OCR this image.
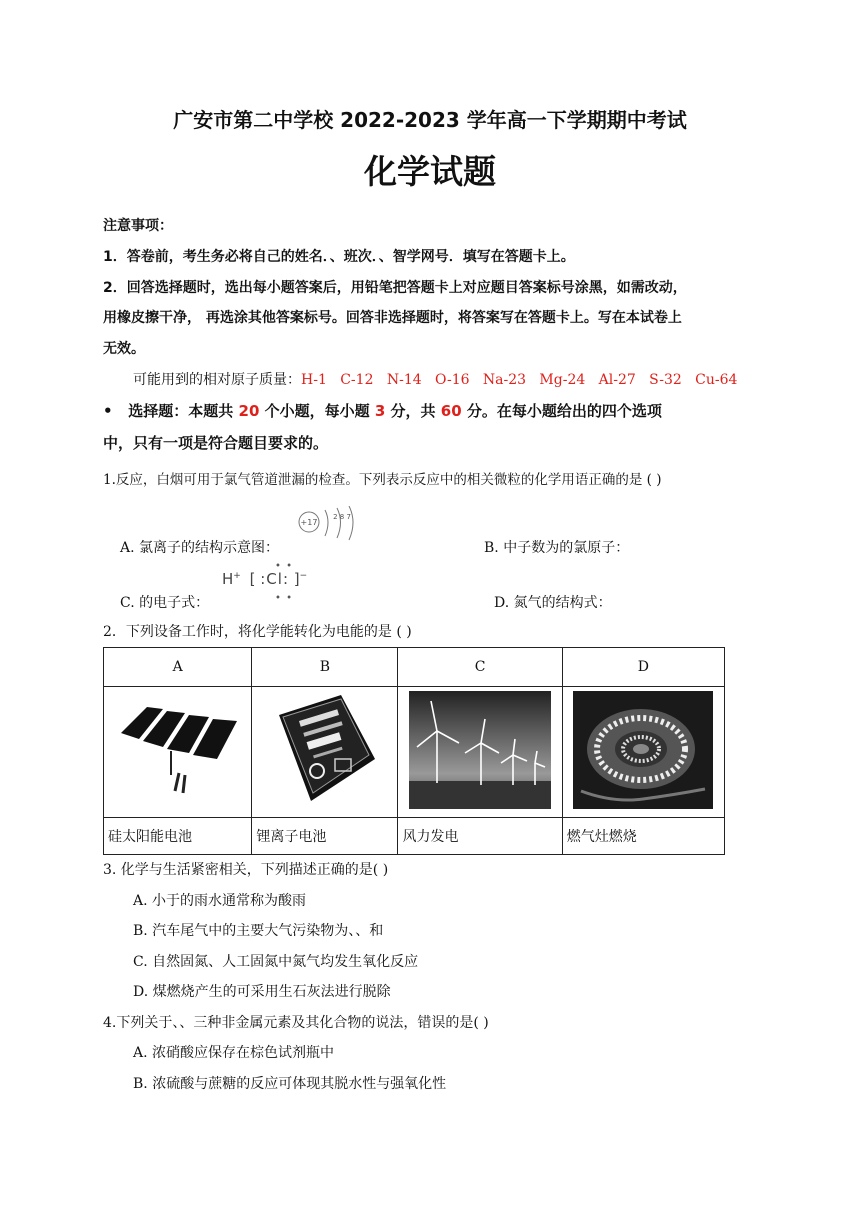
广安市第二中学校 2022-2023 学年高一下学期期中考试
化学试题
注意事项：
1．答卷前，考生务必将自己的姓名．、班次．、智学网号．填写在答题卡上。
2．回答选择题时，选出每小题答案后，用铅笔把答题卡上对应题目答案标号涂黑，如需改动，
用橡皮擦干净， 再选涂其他答案标号。回答非选择题时，将答案写在答题卡上。写在本试卷上
无效。
可能用到的相对原子质量：H-1 C-12 N-14 O-16 Na-23 Mg-24 Al-27 S-32 Cu-64
• 选择题：本题共 20 个小题，每小题 3 分，共 60 分。在每小题给出的四个选项
中，只有一项是符合题目要求的。
1.反应，白烟可用于氯气管道泄漏的检查。下列表示反应中的相关微粒的化学用语正确的是 ( )
A. 氯离子的结构示意图：
+17
2 8 7
B. 中子数为的氯原子：
C. 的电子式：
H+ [ :Cl: ]−
• •
• •	D. 氮气的结构式：
2．下列设备工作时，将化学能转化为电能的是 ( )
A	B	C	D

硅太阳能电池	锂离子电池	风力发电	燃气灶燃烧
3. 化学与生活紧密相关，下列描述正确的是( )
A. 小于的雨水通常称为酸雨
B. 汽车尾气中的主要大气污染物为、、和
C. 自然固氮、人工固氮中氮气均发生氧化反应
D. 煤燃烧产生的可采用生石灰法进行脱除
4.下列关于、、三种非金属元素及其化合物的说法，错误的是( )
A. 浓硝酸应保存在棕色试剂瓶中
B. 浓硫酸与蔗糖的反应可体现其脱水性与强氧化性
